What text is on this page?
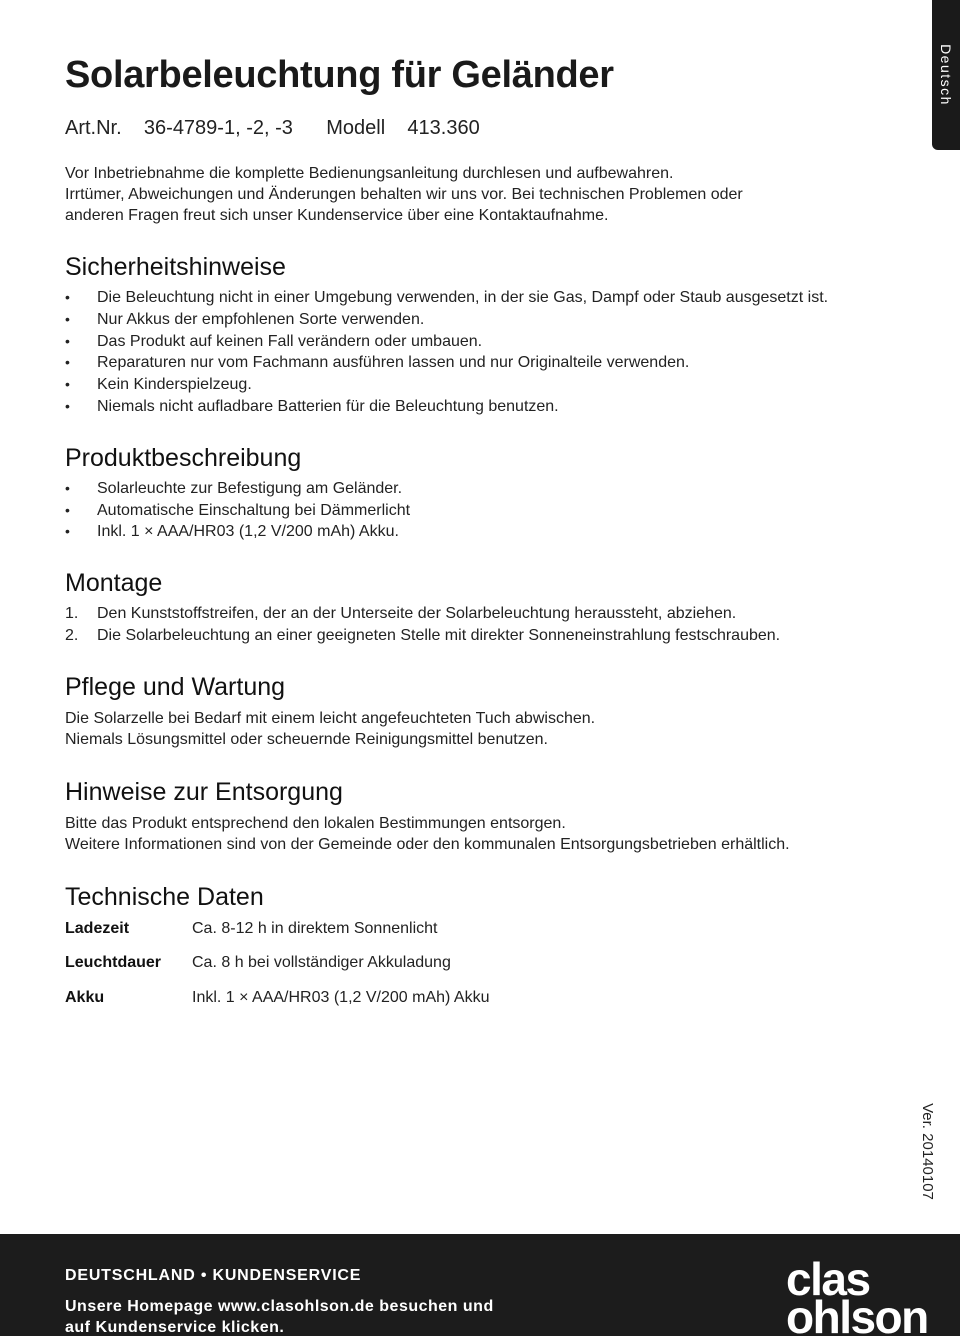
Deutsch
Solarbeleuchtung für Geländer
Art.Nr. 36-4789-1, -2, -3 Modell 413.360

Vor Inbetriebnahme die komplette Bedienungsanleitung durchlesen und aufbewahren.

Irrtümer, Abweichungen und Änderungen behalten wir uns vor. Bei technischen Problemen oder

anderen Fragen freut sich unser Kundenservice über eine Kontaktaufnahme.

Sicherheitshinweise
• Die Beleuchtung nicht in einer Umgebung verwenden, in der sie Gas, Dampf oder Staub ausgesetzt ist.
• Nur Akkus der empfohlenen Sorte verwenden.
• Das Produkt auf keinen Fall verändern oder umbauen.
• Reparaturen nur vom Fachmann ausführen lassen und nur Originalteile verwenden.
• Kein Kinderspielzeug.
• Niemals nicht aufladbare Batterien für die Beleuchtung benutzen.
Produktbeschreibung
• Solarleuchte zur Befestigung am Geländer.
• Automatische Einschaltung bei Dämmerlicht
• Inkl. 1 × AAA/HR03 (1,2 V/200 mAh) Akku.
Montage
1. Den Kunststoffstreifen, der an der Unterseite der Solarbeleuchtung heraussteht, abziehen.
2. Die Solarbeleuchtung an einer geeigneten Stelle mit direkter Sonneneinstrahlung festschrauben.
Pflege und Wartung

Die Solarzelle bei Bedarf mit einem leicht angefeuchteten Tuch abwischen.

Niemals Lösungsmittel oder scheuernde Reinigungsmittel benutzen.

Hinweise zur Entsorgung

Bitte das Produkt entsprechend den lokalen Bestimmungen entsorgen.

Weitere Informationen sind von der Gemeinde oder den kommunalen Entsorgungsbetrieben erhältlich.

Technische Daten
Ladezeit	Ca. 8-12 h in direktem Sonnenlicht
Leuchtdauer	Ca. 8 h bei vollständiger Akkuladung
Akku	Inkl. 1 × AAA/HR03 (1,2 V/200 mAh) Akku
Ver. 20140107
DEUTSCHLAND • KUNDENSERVICE
Unsere Homepage www.clasohlson.de besuchen und
auf Kundenservice klicken.
clas
ohlson
